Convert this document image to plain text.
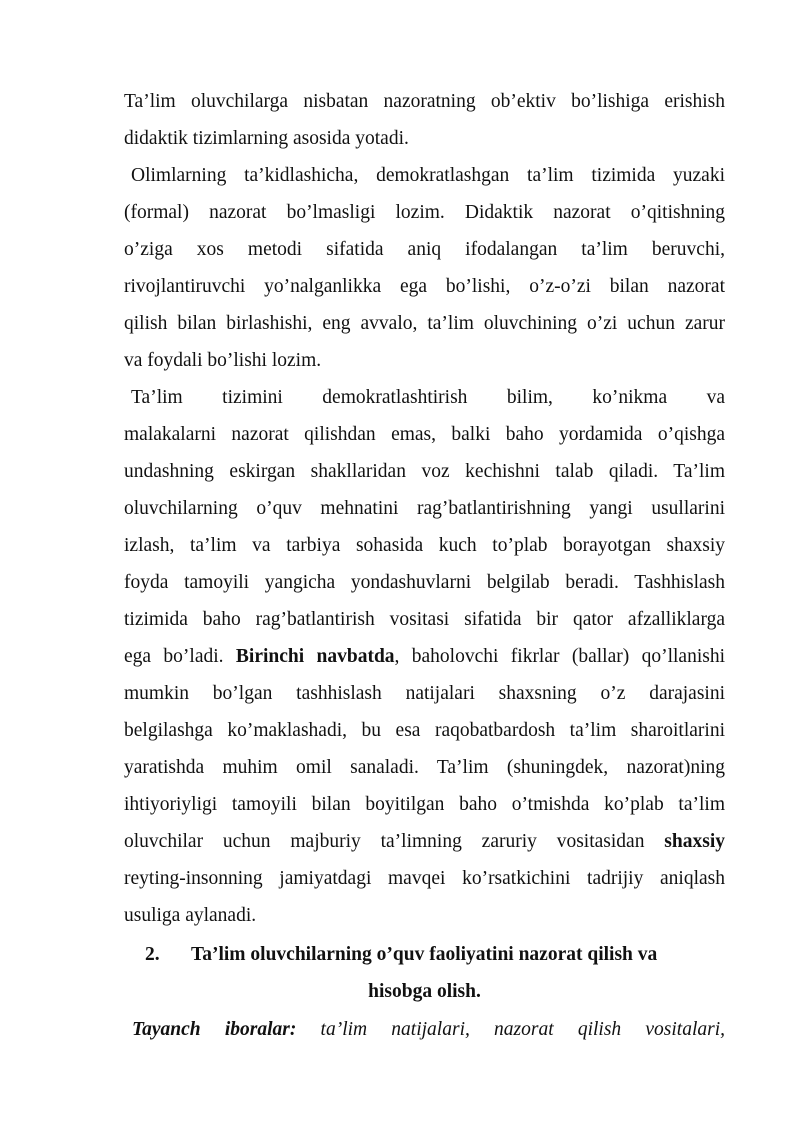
Ta’lim oluvchilarga nisbatan nazoratning ob’ektiv bo’lishiga erishish
didaktik tizimlarning asosida yotadi.
Olimlarning ta’kidlashicha, demokratlashgan ta’lim tizimida yuzaki
(formal) nazorat bo’lmasligi lozim. Didaktik nazorat o’qitishning
o’ziga xos metodi sifatida aniq ifodalangan ta’lim beruvchi,
rivojlantiruvchi yo’nalganlikka ega bo’lishi, o’z-o’zi bilan nazorat
qilish bilan birlashishi, eng avvalo, ta’lim oluvchining o’zi uchun zarur
va foydali bo’lishi lozim.
Ta’lim tizimini demokratlashtirish bilim, ko’nikma va
malakalarni nazorat qilishdan emas, balki baho yordamida o’qishga
undashning eskirgan shakllaridan voz kechishni talab qiladi. Ta’lim
oluvchilarning o’quv mehnatini rag’batlantirishning yangi usullarini
izlash, ta’lim va tarbiya sohasida kuch to’plab borayotgan shaxsiy
foyda tamoyili yangicha yondashuvlarni belgilab beradi. Tashhislash
tizimida baho rag’batlantirish vositasi sifatida bir qator afzalliklarga
ega bo’ladi. Birinchi navbatda, baholovchi fikrlar (ballar) qo’llanishi
mumkin bo’lgan tashhislash natijalari shaxsning o’z darajasini
belgilashga ko’maklashadi, bu esa raqobatbardosh ta’lim sharoitlarini
yaratishda muhim omil sanaladi. Ta’lim (shuningdek, nazorat)ning
ihtiyoriyligi tamoyili bilan boyitilgan baho o’tmishda ko’plab ta’lim
oluvchilar uchun majburiy ta’limning zaruriy vositasidan shaxsiy
reyting-insonning jamiyatdagi mavqei ko’rsatkichini tadrijiy aniqlash
usuliga aylanadi.
2. Ta’lim oluvchilarning o’quv faoliyatini nazorat qilish va
hisobga olish.
Tayanch iboralar: ta’lim natijalari, nazorat qilish vositalari,
